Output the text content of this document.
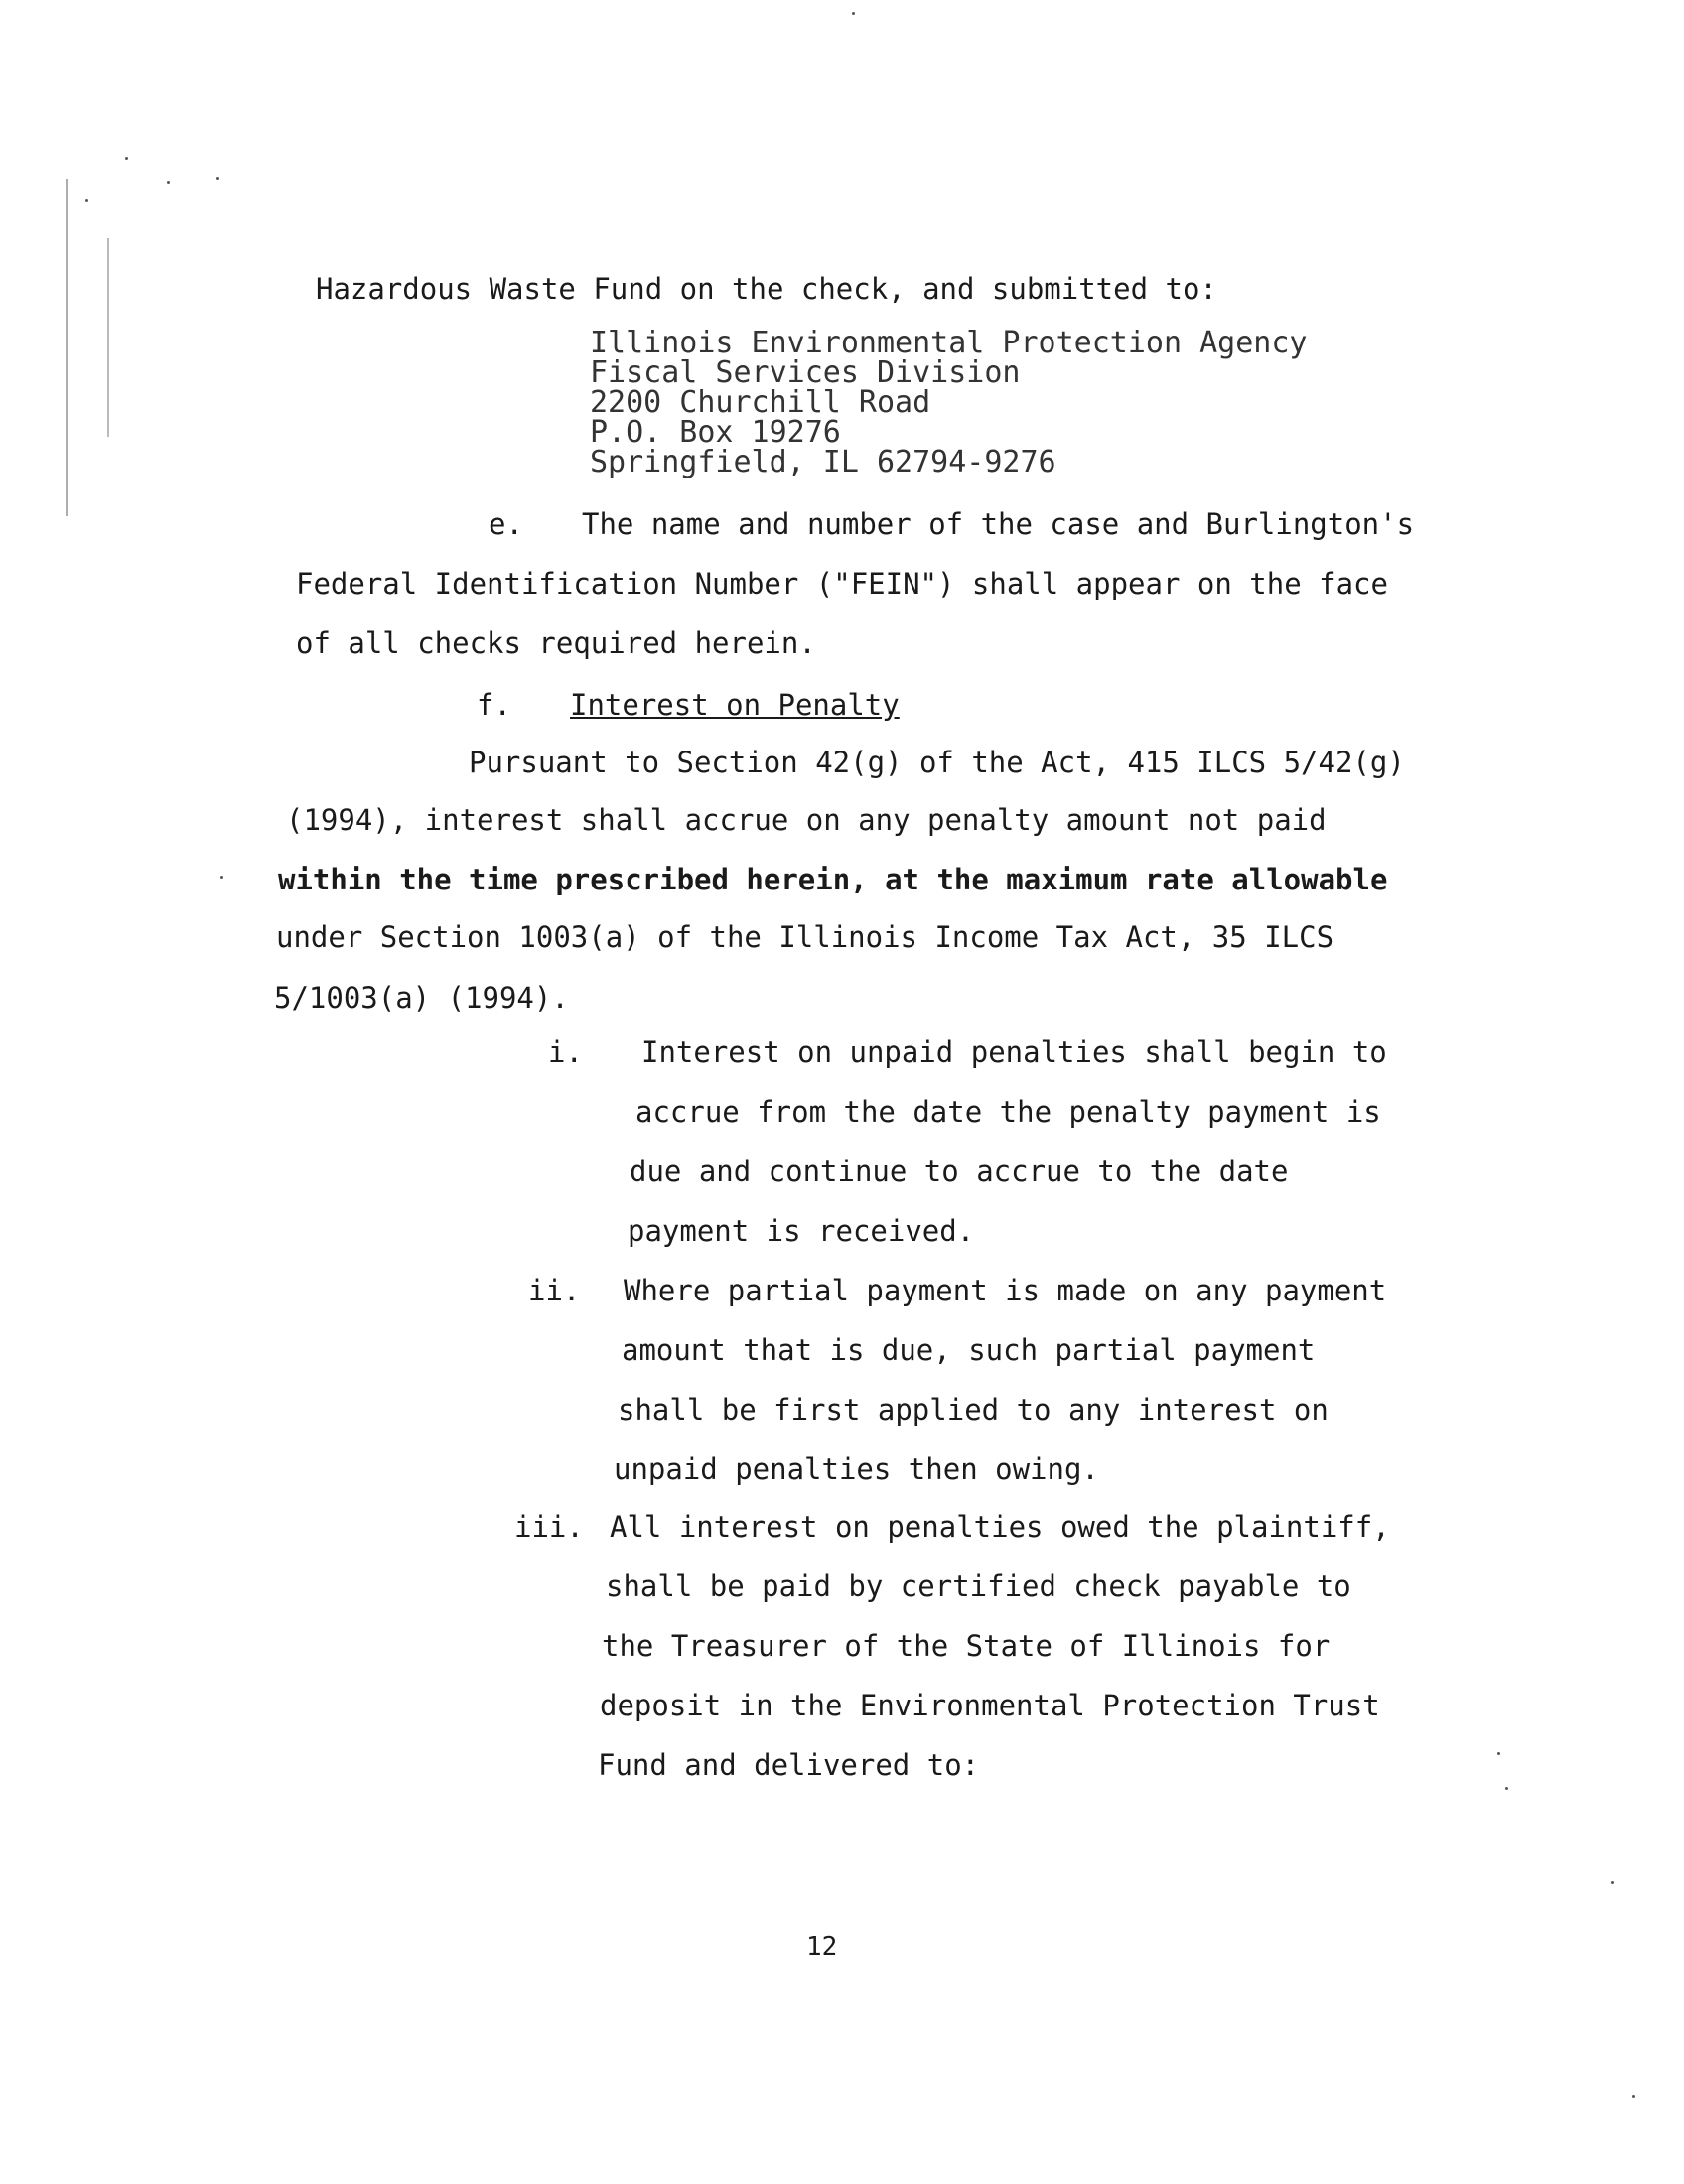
Hazardous Waste Fund on the check, and submitted to:
Illinois Environmental Protection Agency
Fiscal Services Division
2200 Churchill Road
P.O. Box 19276
Springfield, IL 62794-9276
e. The name and number of the case and Burlington's
Federal Identification Number ("FEIN") shall appear on the face
of all checks required herein.
f. Interest on Penalty
Pursuant to Section 42(g) of the Act, 415 ILCS 5/42(g)
(1994), interest shall accrue on any penalty amount not paid
within the time prescribed herein, at the maximum rate allowable
under Section 1003(a) of the Illinois Income Tax Act, 35 ILCS
5/1003(a) (1994).
i. Interest on unpaid penalties shall begin to
accrue from the date the penalty payment is
due and continue to accrue to the date
payment is received.
ii. Where partial payment is made on any payment
amount that is due, such partial payment
shall be first applied to any interest on
unpaid penalties then owing.
iii. All interest on penalties owed the plaintiff,
shall be paid by certified check payable to
the Treasurer of the State of Illinois for
deposit in the Environmental Protection Trust
Fund and delivered to:
12
